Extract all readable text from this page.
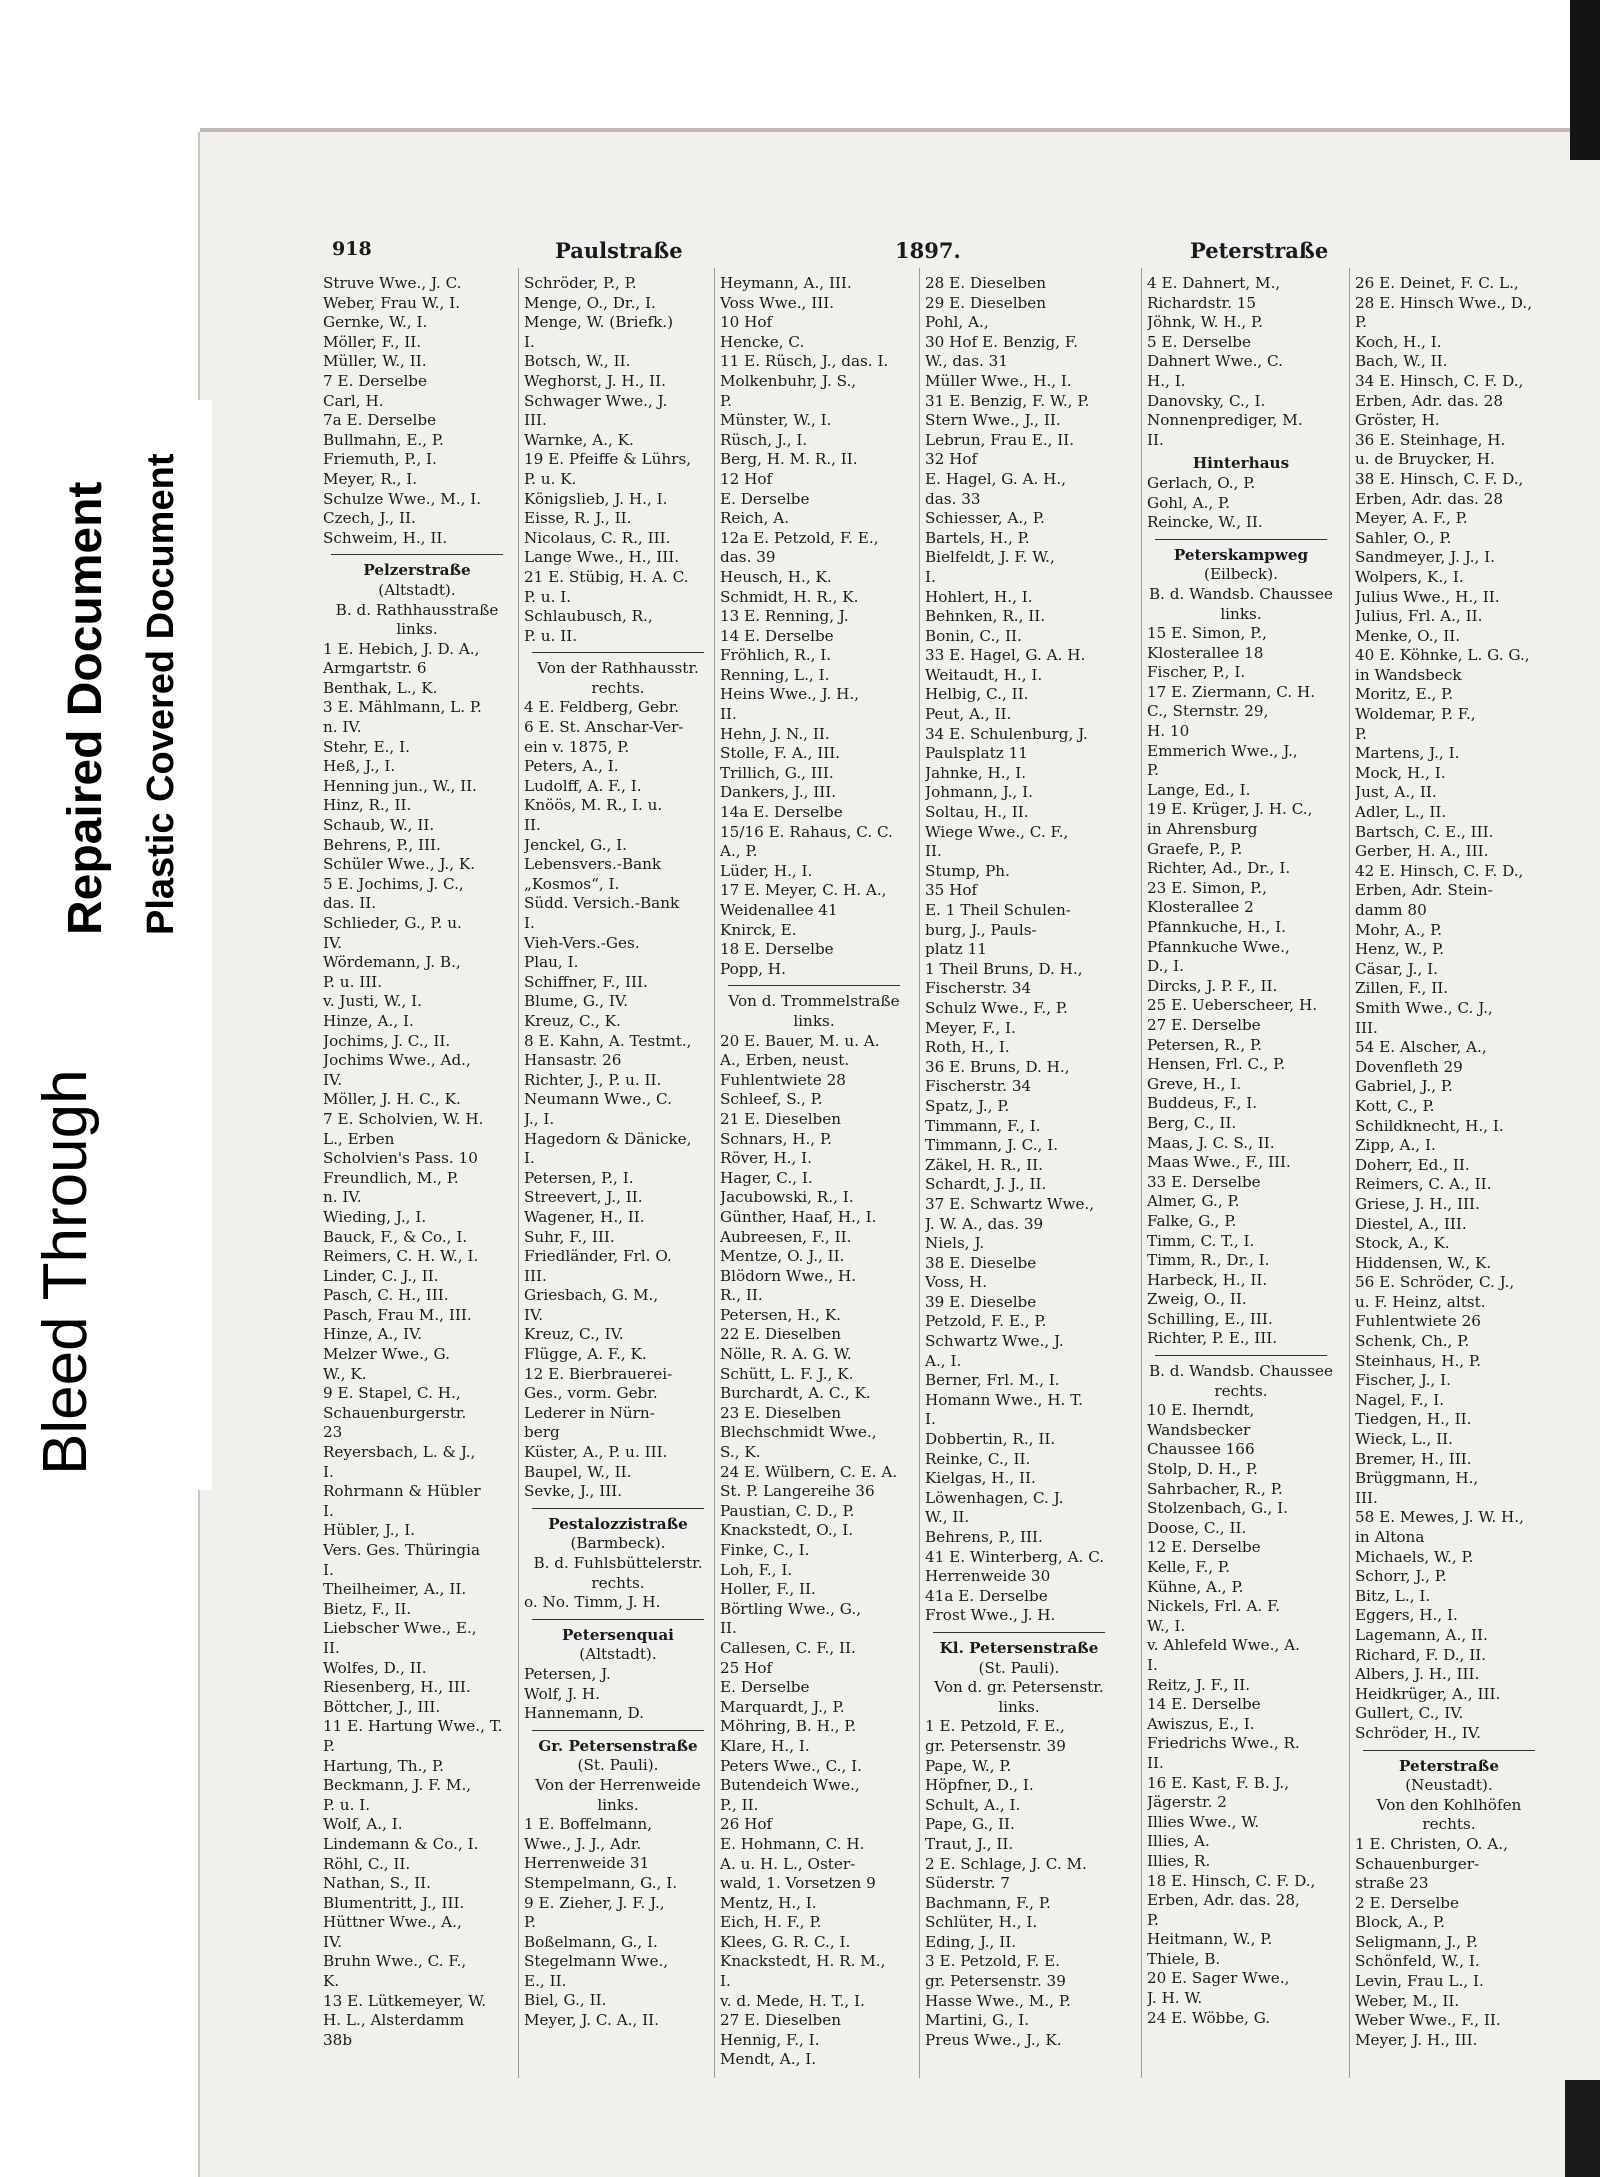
Bleed Through
Repaired Document Plastic Covered Document
918	Paulstraße	1897.	Peterstraße
Struve Wwe., J. C.
Weber, Frau W., I.
Gernke, W., I.
Möller, F., II.
Müller, W., II.
7 E. Derselbe
Carl, H.
7a E. Derselbe
Bullmahn, E., P.
Friemuth, P., I.
Meyer, R., I.
Schulze Wwe., M., I.
Czech, J., II.
Schweim, H., II.
Pelzerstraße
(Altstadt).
B. d. Rathhausstraße
links.
1 E. Hebich, J. D. A.,
Armgartstr. 6
Benthak, L., K.
3 E. Mählmann, L. P.
n. IV.
Stehr, E., I.
Heß, J., I.
Henning jun., W., II.
Hinz, R., II.
Schaub, W., II.
Behrens, P., III.
Schüler Wwe., J., K.
5 E. Jochims, J. C.,
das. II.
Schlieder, G., P. u.
IV.
Wördemann, J. B.,
P. u. III.
v. Justi, W., I.
Hinze, A., I.
Jochims, J. C., II.
Jochims Wwe., Ad.,
IV.
Möller, J. H. C., K.
7 E. Scholvien, W. H.
L., Erben
Scholvien's Pass. 10
Freundlich, M., P.
n. IV.
Wieding, J., I.
Bauck, F., & Co., I.
Reimers, C. H. W., I.
Linder, C. J., II.
Pasch, C. H., III.
Pasch, Frau M., III.
Hinze, A., IV.
Melzer Wwe., G.
W., K.
9 E. Stapel, C. H.,
Schauenburgerstr.
23
Reyersbach, L. & J.,
I.
Rohrmann & Hübler
I.
Hübler, J., I.
Vers. Ges. Thüringia
I.
Theilheimer, A., II.
Bietz, F., II.
Liebscher Wwe., E.,
II.
Wolfes, D., II.
Riesenberg, H., III.
Böttcher, J., III.
11 E. Hartung Wwe., T.
P.
Hartung, Th., P.
Beckmann, J. F. M.,
P. u. I.
Wolf, A., I.
Lindemann & Co., I.
Röhl, C., II.
Nathan, S., II.
Blumentritt, J., III.
Hüttner Wwe., A.,
IV.
Bruhn Wwe., C. F.,
K.
13 E. Lütkemeyer, W.
H. L., Alsterdamm
38b
Schröder, P., P.
Menge, O., Dr., I.
Menge, W. (Briefk.)
I.
Botsch, W., II.
Weghorst, J. H., II.
Schwager Wwe., J.
III.
Warnke, A., K.
19 E. Pfeiffe & Lührs,
P. u. K.
Königslieb, J. H., I.
Eisse, R. J., II.
Nicolaus, C. R., III.
Lange Wwe., H., III.
21 E. Stübig, H. A. C.
P. u. I.
Schlaubusch, R.,
P. u. II.
Von der Rathhausstr.
rechts.
4 E. Feldberg, Gebr.
6 E. St. Anschar-Ver-
ein v. 1875, P.
Peters, A., I.
Ludolff, A. F., I.
Knöös, M. R., I. u.
II.
Jenckel, G., I.
Lebensvers.-Bank
„Kosmos“, I.
Südd. Versich.-Bank
I.
Vieh-Vers.-Ges.
Plau, I.
Schiffner, F., III.
Blume, G., IV.
Kreuz, C., K.
8 E. Kahn, A. Testmt.,
Hansastr. 26
Richter, J., P. u. II.
Neumann Wwe., C.
J., I.
Hagedorn & Dänicke,
I.
Petersen, P., I.
Streevert, J., II.
Wagener, H., II.
Suhr, F., III.
Friedländer, Frl. O.
III.
Griesbach, G. M.,
IV.
Kreuz, C., IV.
Flügge, A. F., K.
12 E. Bierbrauerei-
Ges., vorm. Gebr.
Lederer in Nürn-
berg
Küster, A., P. u. III.
Baupel, W., II.
Sevke, J., III.
Pestalozzistraße
(Barmbeck).
B. d. Fuhlsbüttelerstr.
rechts.
o. No. Timm, J. H.
Petersenquai
(Altstadt).
Petersen, J.
Wolf, J. H.
Hannemann, D.
Gr. Petersenstraße
(St. Pauli).
Von der Herrenweide
links.
1 E. Boffelmann,
Wwe., J. J., Adr.
Herrenweide 31
Stempelmann, G., I.
9 E. Zieher, J. F. J.,
P.
Boßelmann, G., I.
Stegelmann Wwe.,
E., II.
Biel, G., II.
Meyer, J. C. A., II.
Heymann, A., III.
Voss Wwe., III.
10 Hof
Hencke, C.
11 E. Rüsch, J., das. I.
Molkenbuhr, J. S.,
P.
Münster, W., I.
Rüsch, J., I.
Berg, H. M. R., II.
12 Hof
E. Derselbe
Reich, A.
12a E. Petzold, F. E.,
das. 39
Heusch, H., K.
Schmidt, H. R., K.
13 E. Renning, J.
14 E. Derselbe
Fröhlich, R., I.
Renning, L., I.
Heins Wwe., J. H.,
II.
Hehn, J. N., II.
Stolle, F. A., III.
Trillich, G., III.
Dankers, J., III.
14a E. Derselbe
15/16 E. Rahaus, C. C.
A., P.
Lüder, H., I.
17 E. Meyer, C. H. A.,
Weidenallee 41
Knirck, E.
18 E. Derselbe
Popp, H.
Von d. Trommelstraße
links.
20 E. Bauer, M. u. A.
A., Erben, neust.
Fuhlentwiete 28
Schleef, S., P.
21 E. Dieselben
Schnars, H., P.
Röver, H., I.
Hager, C., I.
Jacubowski, R., I.
Günther, Haaf, H., I.
Aubreesen, F., II.
Mentze, O. J., II.
Blödorn Wwe., H.
R., II.
Petersen, H., K.
22 E. Dieselben
Nölle, R. A. G. W.
Schütt, L. F. J., K.
Burchardt, A. C., K.
23 E. Dieselben
Blechschmidt Wwe.,
S., K.
24 E. Wülbern, C. E. A.
St. P. Langereihe 36
Paustian, C. D., P.
Knackstedt, O., I.
Finke, C., I.
Loh, F., I.
Holler, F., II.
Börtling Wwe., G.,
II.
Callesen, C. F., II.
25 Hof
E. Derselbe
Marquardt, J., P.
Möhring, B. H., P.
Klare, H., I.
Peters Wwe., C., I.
Butendeich Wwe.,
P., II.
26 Hof
E. Hohmann, C. H.
A. u. H. L., Oster-
wald, 1. Vorsetzen 9
Mentz, H., I.
Eich, H. F., P.
Klees, G. R. C., I.
Knackstedt, H. R. M.,
I.
v. d. Mede, H. T., I.
27 E. Dieselben
Hennig, F., I.
Mendt, A., I.
28 E. Dieselben
29 E. Dieselben
Pohl, A.,
30 Hof E. Benzig, F.
W., das. 31
Müller Wwe., H., I.
31 E. Benzig, F. W., P.
Stern Wwe., J., II.
Lebrun, Frau E., II.
32 Hof
E. Hagel, G. A. H.,
das. 33
Schiesser, A., P.
Bartels, H., P.
Bielfeldt, J. F. W.,
I.
Hohlert, H., I.
Behnken, R., II.
Bonin, C., II.
33 E. Hagel, G. A. H.
Weitaudt, H., I.
Helbig, C., II.
Peut, A., II.
34 E. Schulenburg, J.
Paulsplatz 11
Jahnke, H., I.
Johmann, J., I.
Soltau, H., II.
Wiege Wwe., C. F.,
II.
Stump, Ph.
35 Hof
E. 1 Theil Schulen-
burg, J., Pauls-
platz 11
1 Theil Bruns, D. H.,
Fischerstr. 34
Schulz Wwe., F., P.
Meyer, F., I.
Roth, H., I.
36 E. Bruns, D. H.,
Fischerstr. 34
Spatz, J., P.
Timmann, F., I.
Timmann, J. C., I.
Zäkel, H. R., II.
Schardt, J. J., II.
37 E. Schwartz Wwe.,
J. W. A., das. 39
Niels, J.
38 E. Dieselbe
Voss, H.
39 E. Dieselbe
Petzold, F. E., P.
Schwartz Wwe., J.
A., I.
Berner, Frl. M., I.
Homann Wwe., H. T.
I.
Dobbertin, R., II.
Reinke, C., II.
Kielgas, H., II.
Löwenhagen, C. J.
W., II.
Behrens, P., III.
41 E. Winterberg, A. C.
Herrenweide 30
41a E. Derselbe
Frost Wwe., J. H.
Kl. Petersenstraße
(St. Pauli).
Von d. gr. Petersenstr.
links.
1 E. Petzold, F. E.,
gr. Petersenstr. 39
Pape, W., P.
Höpfner, D., I.
Schult, A., I.
Pape, G., II.
Traut, J., II.
2 E. Schlage, J. C. M.
Süderstr. 7
Bachmann, F., P.
Schlüter, H., I.
Eding, J., II.
3 E. Petzold, F. E.
gr. Petersenstr. 39
Hasse Wwe., M., P.
Martini, G., I.
Preus Wwe., J., K.
4 E. Dahnert, M.,
Richardstr. 15
Jöhnk, W. H., P.
5 E. Derselbe
Dahnert Wwe., C.
H., I.
Danovsky, C., I.
Nonnenprediger, M.
II.
Hinterhaus
Gerlach, O., P.
Gohl, A., P.
Reincke, W., II.
Peterskampweg
(Eilbeck).
B. d. Wandsb. Chaussee
links.
15 E. Simon, P.,
Klosterallee 18
Fischer, P., I.
17 E. Ziermann, C. H.
C., Sternstr. 29,
H. 10
Emmerich Wwe., J.,
P.
Lange, Ed., I.
19 E. Krüger, J. H. C.,
in Ahrensburg
Graefe, P., P.
Richter, Ad., Dr., I.
23 E. Simon, P.,
Klosterallee 2
Pfannkuche, H., I.
Pfannkuche Wwe.,
D., I.
Dircks, J. P. F., II.
25 E. Ueberscheer, H.
27 E. Derselbe
Petersen, R., P.
Hensen, Frl. C., P.
Greve, H., I.
Buddeus, F., I.
Berg, C., II.
Maas, J. C. S., II.
Maas Wwe., F., III.
33 E. Derselbe
Almer, G., P.
Falke, G., P.
Timm, C. T., I.
Timm, R., Dr., I.
Harbeck, H., II.
Zweig, O., II.
Schilling, E., III.
Richter, P. E., III.
B. d. Wandsb. Chaussee
rechts.
10 E. Iherndt,
Wandsbecker
Chaussee 166
Stolp, D. H., P.
Sahrbacher, R., P.
Stolzenbach, G., I.
Doose, C., II.
12 E. Derselbe
Kelle, F., P.
Kühne, A., P.
Nickels, Frl. A. F.
W., I.
v. Ahlefeld Wwe., A.
I.
Reitz, J. F., II.
14 E. Derselbe
Awiszus, E., I.
Friedrichs Wwe., R.
II.
16 E. Kast, F. B. J.,
Jägerstr. 2
Illies Wwe., W.
Illies, A.
Illies, R.
18 E. Hinsch, C. F. D.,
Erben, Adr. das. 28,
P.
Heitmann, W., P.
Thiele, B.
20 E. Sager Wwe.,
J. H. W.
24 E. Wöbbe, G.
26 E. Deinet, F. C. L.,
28 E. Hinsch Wwe., D.,
P.
Koch, H., I.
Bach, W., II.
34 E. Hinsch, C. F. D.,
Erben, Adr. das. 28
Gröster, H.
36 E. Steinhage, H.
u. de Bruycker, H.
38 E. Hinsch, C. F. D.,
Erben, Adr. das. 28
Meyer, A. F., P.
Sahler, O., P.
Sandmeyer, J. J., I.
Wolpers, K., I.
Julius Wwe., H., II.
Julius, Frl. A., II.
Menke, O., II.
40 E. Köhnke, L. G. G.,
in Wandsbeck
Moritz, E., P.
Woldemar, P. F.,
P.
Martens, J., I.
Mock, H., I.
Just, A., II.
Adler, L., II.
Bartsch, C. E., III.
Gerber, H. A., III.
42 E. Hinsch, C. F. D.,
Erben, Adr. Stein-
damm 80
Mohr, A., P.
Henz, W., P.
Cäsar, J., I.
Zillen, F., II.
Smith Wwe., C. J.,
III.
54 E. Alscher, A.,
Dovenfleth 29
Gabriel, J., P.
Kott, C., P.
Schildknecht, H., I.
Zipp, A., I.
Doherr, Ed., II.
Reimers, C. A., II.
Griese, J. H., III.
Diestel, A., III.
Stock, A., K.
Hiddensen, W., K.
56 E. Schröder, C. J.,
u. F. Heinz, altst.
Fuhlentwiete 26
Schenk, Ch., P.
Steinhaus, H., P.
Fischer, J., I.
Nagel, F., I.
Tiedgen, H., II.
Wieck, L., II.
Bremer, H., III.
Brüggmann, H.,
III.
58 E. Mewes, J. W. H.,
in Altona
Michaels, W., P.
Schorr, J., P.
Bitz, L., I.
Eggers, H., I.
Lagemann, A., II.
Richard, F. D., II.
Albers, J. H., III.
Heidkrüger, A., III.
Gullert, C., IV.
Schröder, H., IV.
Peterstraße
(Neustadt).
Von den Kohlhöfen
rechts.
1 E. Christen, O. A.,
Schauenburger-
straße 23
2 E. Derselbe
Block, A., P.
Seligmann, J., P.
Schönfeld, W., I.
Levin, Frau L., I.
Weber, M., II.
Weber Wwe., F., II.
Meyer, J. H., III.
